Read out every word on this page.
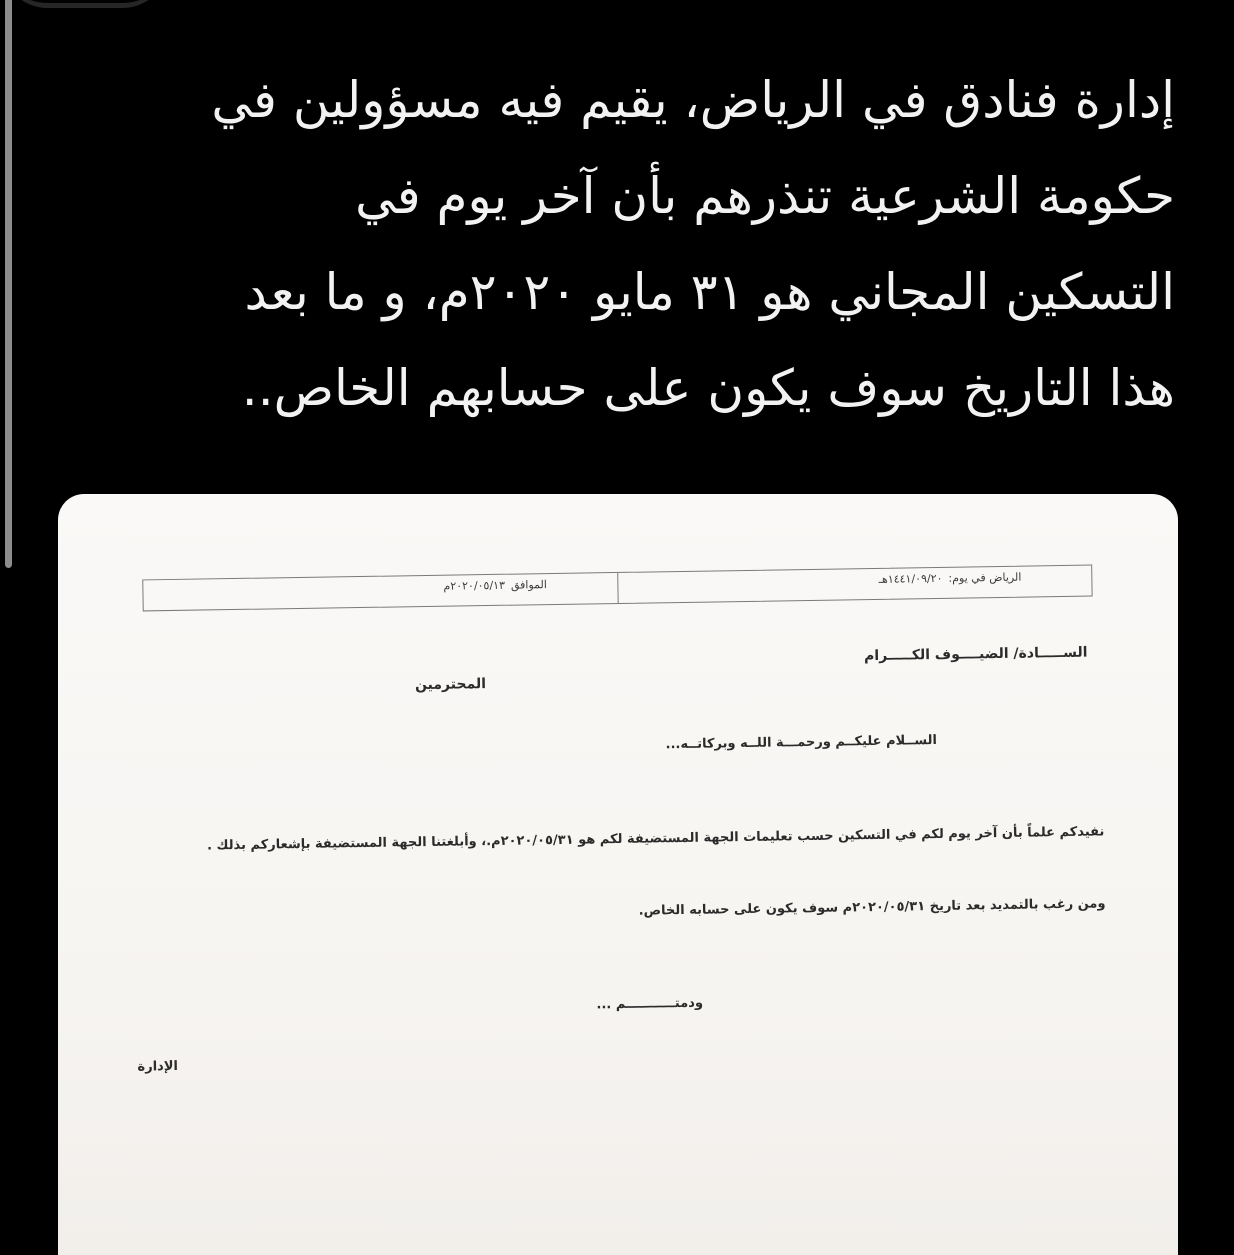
إدارة فنادق في الرياض، يقيم فيه مسؤولين في
حكومة الشرعية تنذرهم بأن آخر يوم في
التسكين المجاني هو ٣١ مايو ٢٠٢٠م، و ما بعد
هذا التاريخ سوف يكون على حسابهم الخاص..

الرياض في يوم:
١٤٤١/٠٩/٢٠هـ
الموافق
٢٠٢٠/٠٥/١٣م
الســـــادة/ الضيــــوف الكـــــرام
المحترمين
الســلام عليكــم ورحمـــة اللــه وبركاتــه...

نفيدكم علماً بأن آخر يوم لكم في التسكين حسب تعليمات الجهة المستضيفة لكم هو ٢٠٢٠/٠٥/٣١م.، وأبلغتنا الجهة المستضيفة بإشعاركم بذلك .

ومن رغب بالتمديد بعد تاريخ ٢٠٢٠/٠٥/٣١م سوف يكون على حسابه الخاص.

ودمتـــــــــــم ...
الإدارة
